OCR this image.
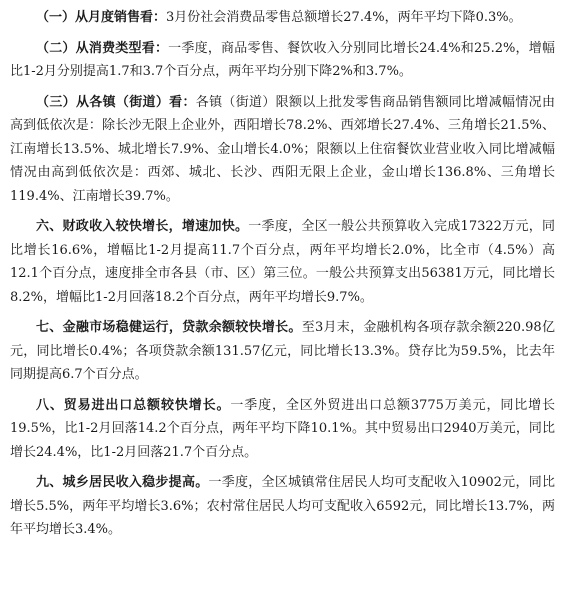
（一）从月度销售看：3月份社会消费品零售总额增长27.4%，两年平均下降0.3%。

（二）从消费类型看：一季度，商品零售、餐饮收入分别同比增长24.4%和25.2%，增幅比1-2月分别提高1.7和3.7个百分点，两年平均分别下降2%和3.7%。

（三）从各镇（街道）看：各镇（街道）限额以上批发零售商品销售额同比增减幅情况由高到低依次是：除长沙无限上企业外，西阳增长78.2%、西郊增长27.4%、三角增长21.5%、江南增长13.5%、城北增长7.9%、金山增长4.0%；限额以上住宿餐饮业营业收入同比增减幅情况由高到低依次是：西郊、城北、长沙、西阳无限上企业，金山增长136.8%、三角增长119.4%、江南增长39.7%。

六、财政收入较快增长，增速加快。一季度，全区一般公共预算收入完成17322万元，同比增长16.6%，增幅比1-2月提高11.7个百分点，两年平均增长2.0%，比全市（4.5%）高12.1个百分点，速度排全市各县（市、区）第三位。一般公共预算支出56381万元，同比增长8.2%，增幅比1-2月回落18.2个百分点，两年平均增长9.7%。

七、金融市场稳健运行，贷款余额较快增长。至3月末，金融机构各项存款余额220.98亿元，同比增长0.4%；各项贷款余额131.57亿元，同比增长13.3%。贷存比为59.5%，比去年同期提高6.7个百分点。

八、贸易进出口总额较快增长。一季度，全区外贸进出口总额3775万美元，同比增长19.5%，比1-2月回落14.2个百分点，两年平均下降10.1%。其中贸易出口2940万美元，同比增长24.4%，比1-2月回落21.7个百分点。

九、城乡居民收入稳步提高。一季度，全区城镇常住居民人均可支配收入10902元，同比增长5.5%，两年平均增长3.6%；农村常住居民人均可支配收入6592元，同比增长13.7%，两年平均增长3.4%。
